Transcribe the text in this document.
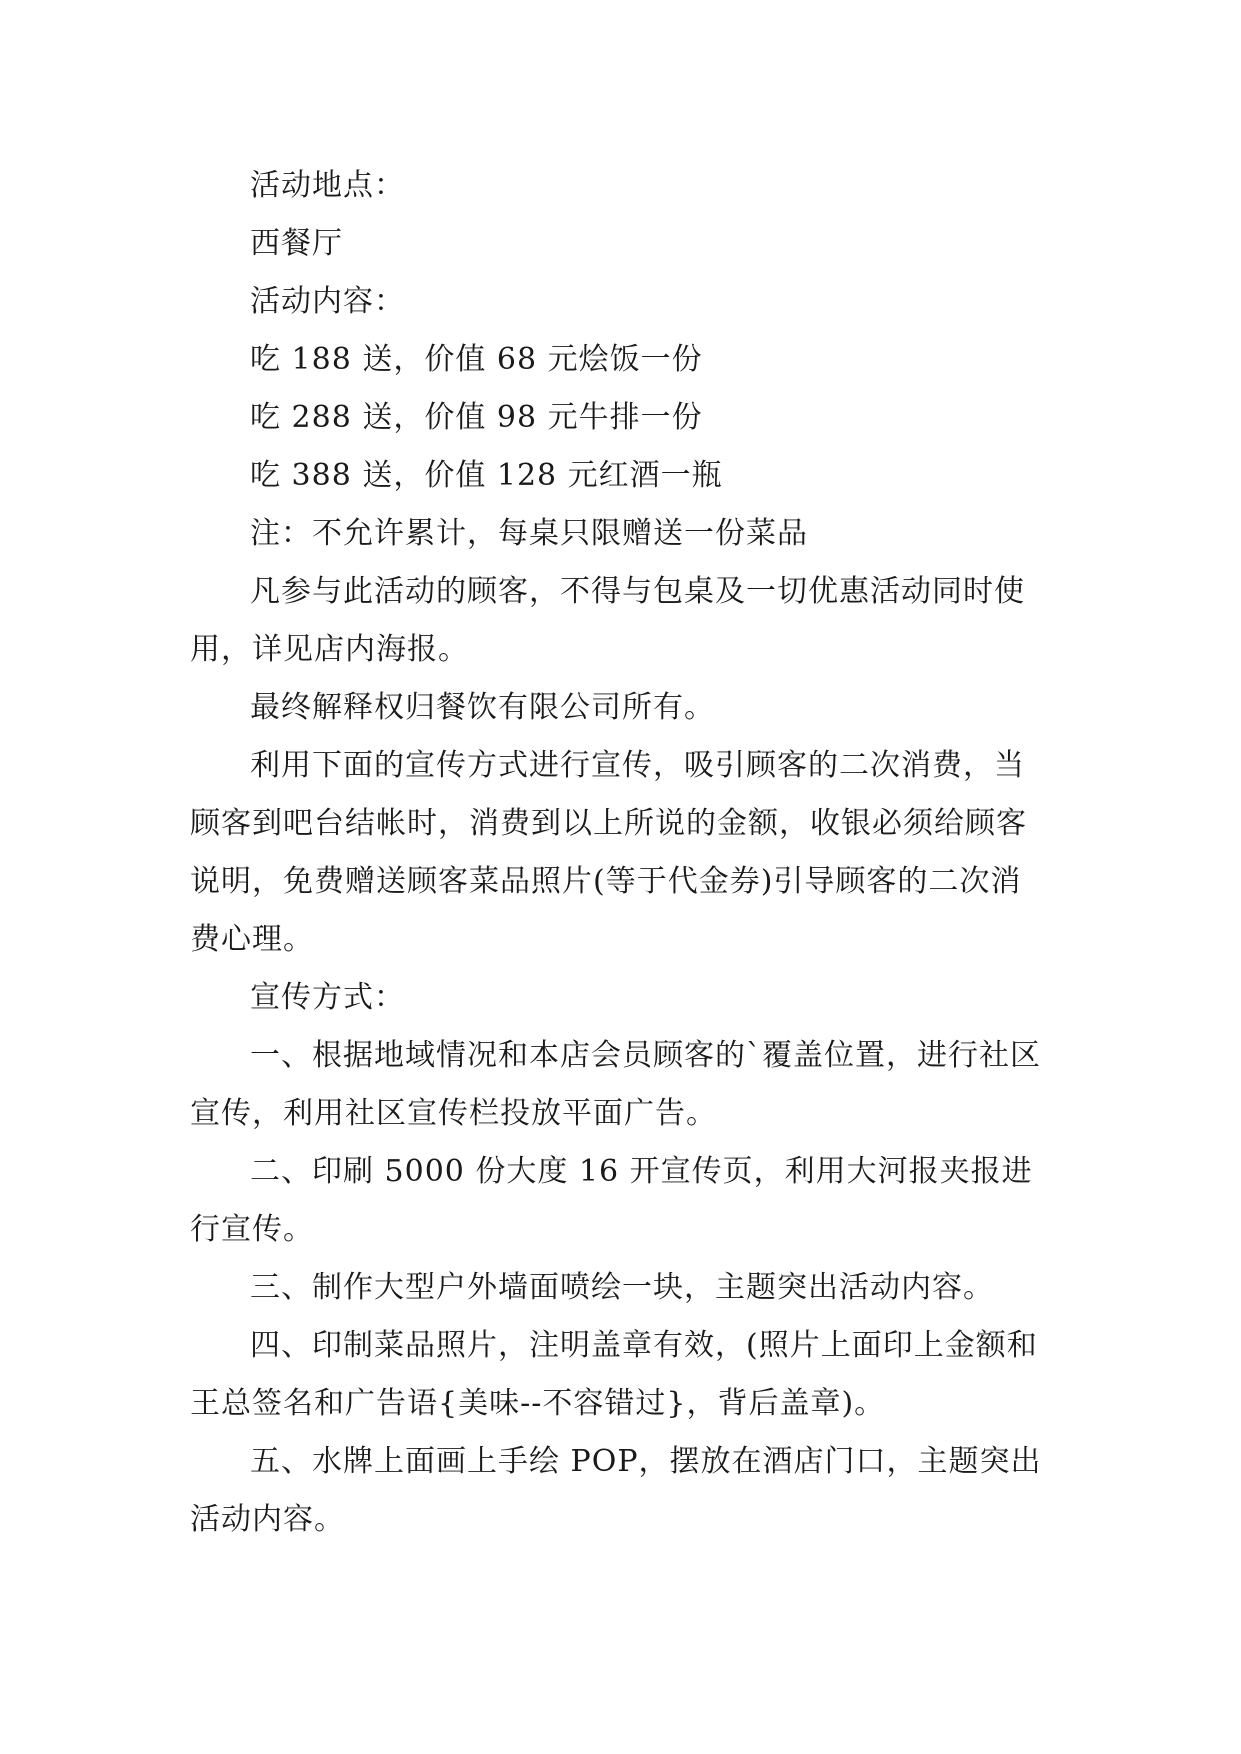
活动地点：

西餐厅

活动内容：

吃 188 送，价值 68 元烩饭一份

吃 288 送，价值 98 元牛排一份

吃 388 送，价值 128 元红酒一瓶

注：不允许累计，每桌只限赠送一份菜品

凡参与此活动的顾客，不得与包桌及一切优惠活动同时使用，详见店内海报。

最终解释权归餐饮有限公司所有。

利用下面的宣传方式进行宣传，吸引顾客的二次消费，当顾客到吧台结帐时，消费到以上所说的金额，收银必须给顾客说明，免费赠送顾客菜品照片(等于代金券)引导顾客的二次消费心理。

宣传方式：

一、根据地域情况和本店会员顾客的`覆盖位置，进行社区宣传，利用社区宣传栏投放平面广告。

二、印刷 5000 份大度 16 开宣传页，利用大河报夹报进行宣传。

三、制作大型户外墙面喷绘一块，主题突出活动内容。

四、印制菜品照片，注明盖章有效，(照片上面印上金额和王总签名和广告语{美味--不容错过}，背后盖章)。

五、水牌上面画上手绘 POP，摆放在酒店门口，主题突出活动内容。
